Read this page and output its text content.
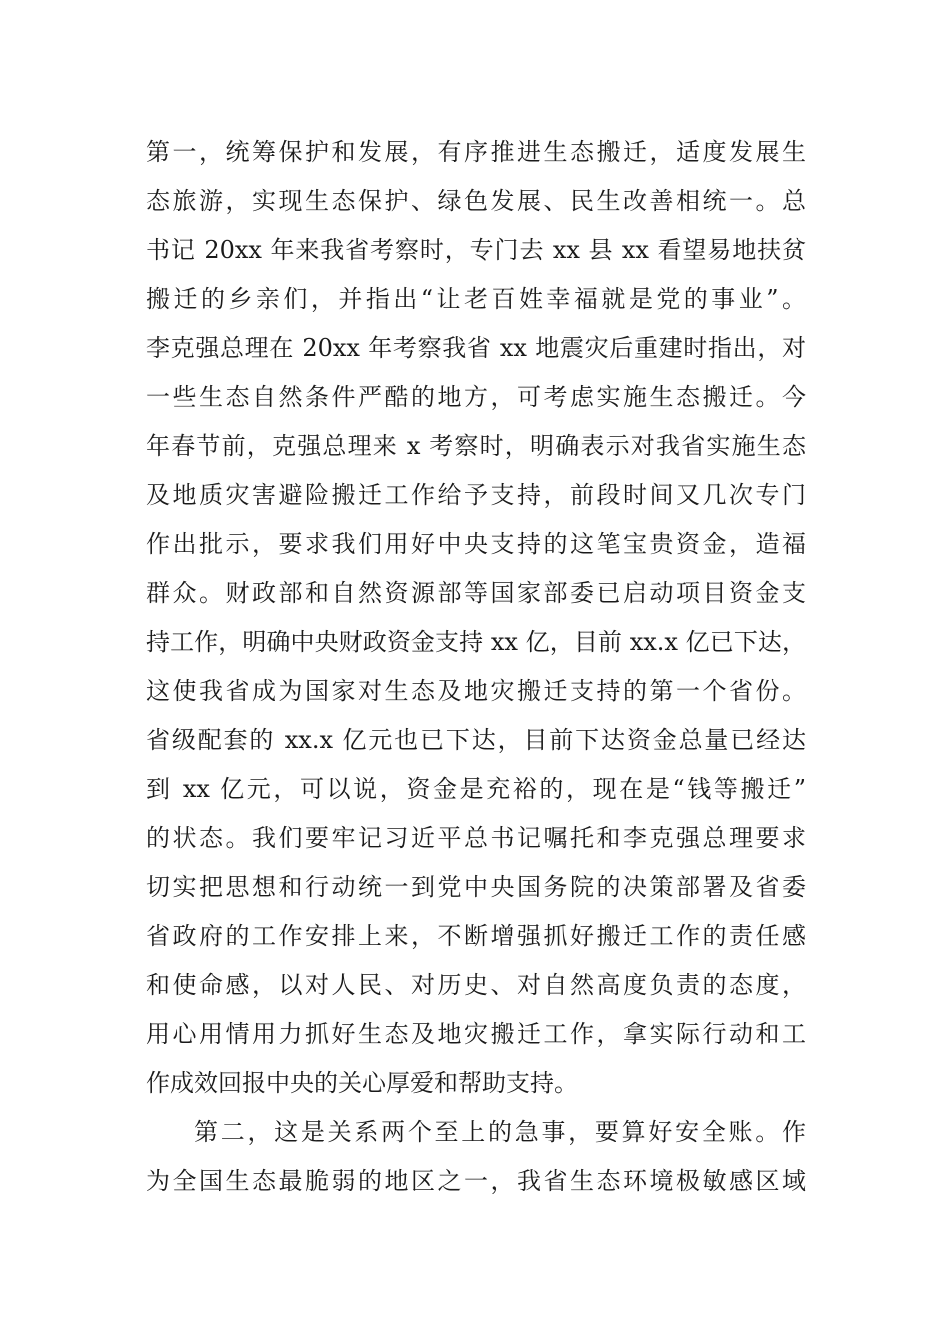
第一，统筹保护和发展，有序推进生态搬迁，适度发展生
态旅游，实现生态保护、绿色发展、民生改善相统一。总
书记 20xx 年来我省考察时，专门去 xx 县 xx 看望易地扶贫
搬迁的乡亲们，并指出“让老百姓幸福就是党的事业”。
李克强总理在 20xx 年考察我省 xx 地震灾后重建时指出，对
一些生态自然条件严酷的地方，可考虑实施生态搬迁。今
年春节前，克强总理来 x 考察时，明确表示对我省实施生态
及地质灾害避险搬迁工作给予支持，前段时间又几次专门
作出批示，要求我们用好中央支持的这笔宝贵资金，造福
群众。财政部和自然资源部等国家部委已启动项目资金支
持工作，明确中央财政资金支持 xx 亿，目前 xx.x 亿已下达，
这使我省成为国家对生态及地灾搬迁支持的第一个省份。
省级配套的 xx.x 亿元也已下达，目前下达资金总量已经达
到 xx 亿元，可以说，资金是充裕的，现在是“钱等搬迁”
的状态。我们要牢记习近平总书记嘱托和李克强总理要求
切实把思想和行动统一到党中央国务院的决策部署及省委
省政府的工作安排上来，不断增强抓好搬迁工作的责任感
和使命感，以对人民、对历史、对自然高度负责的态度，
用心用情用力抓好生态及地灾搬迁工作，拿实际行动和工
作成效回报中央的关心厚爱和帮助支持。
第二，这是关系两个至上的急事，要算好安全账。作
为全国生态最脆弱的地区之一，我省生态环境极敏感区域
